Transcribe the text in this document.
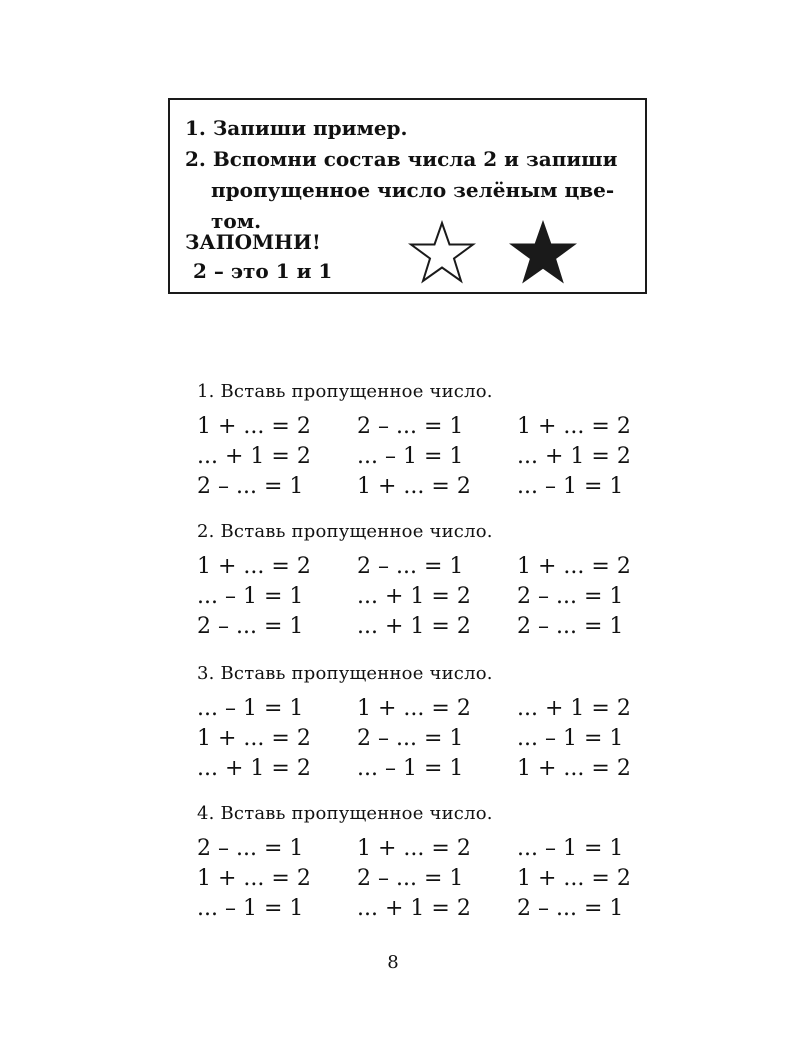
1. Запиши пример.
2. Вспомни состав числа 2 и запиши
пропущенное число зелёным цве-
том.
ЗАПОМНИ!
2 – это 1 и 1
1. Вставь пропущенное число.
1 + ... = 2	2 – ... = 1	1 + ... = 2
... + 1 = 2	... – 1 = 1	... + 1 = 2
2 – ... = 1	1 + ... = 2	... – 1 = 1
2. Вставь пропущенное число.
1 + ... = 2	2 – ... = 1	1 + ... = 2
... – 1 = 1	... + 1 = 2	2 – ... = 1
2 – ... = 1	... + 1 = 2	2 – ... = 1
3. Вставь пропущенное число.
... – 1 = 1	1 + ... = 2	... + 1 = 2
1 + ... = 2	2 – ... = 1	... – 1 = 1
... + 1 = 2	... – 1 = 1	1 + ... = 2
4. Вставь пропущенное число.
2 – ... = 1	1 + ... = 2	... – 1 = 1
1 + ... = 2	2 – ... = 1	1 + ... = 2
... – 1 = 1	... + 1 = 2	2 – ... = 1
8
